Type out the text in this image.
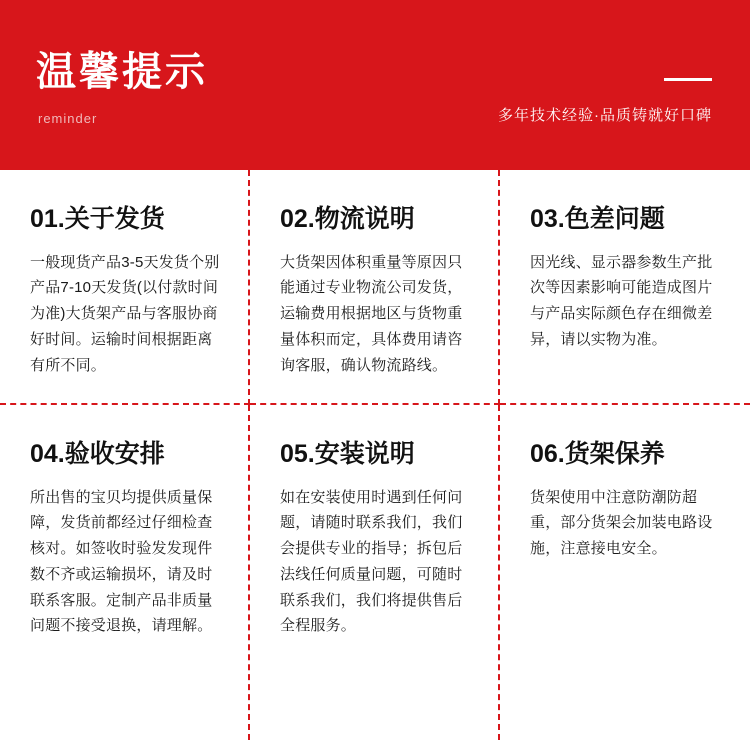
温馨提示
reminder	多年技术经验·品质铸就好口碑
01.关于发货

一般现货产品3-5天发货个别产品7-10天发货(以付款时间为准)大货架产品与客服协商好时间。运输时间根据距离有所不同。

02.物流说明

大货架因体积重量等原因只能通过专业物流公司发货，运输费用根据地区与货物重量体积而定，具体费用请咨询客服，确认物流路线。

03.色差问题

因光线、显示器参数生产批次等因素影响可能造成图片与产品实际颜色存在细微差异，请以实物为准。

04.验收安排

所出售的宝贝均提供质量保障，发货前都经过仔细检查核对。如签收时验发发现件数不齐或运输损坏，请及时联系客服。定制产品非质量问题不接受退换，请理解。

05.安装说明

如在安装使用时遇到任何问题，请随时联系我们，我们会提供专业的指导；拆包后法线任何质量问题，可随时联系我们，我们将提供售后全程服务。

06.货架保养

货架使用中注意防潮防超重，部分货架会加装电路设施，注意接电安全。
